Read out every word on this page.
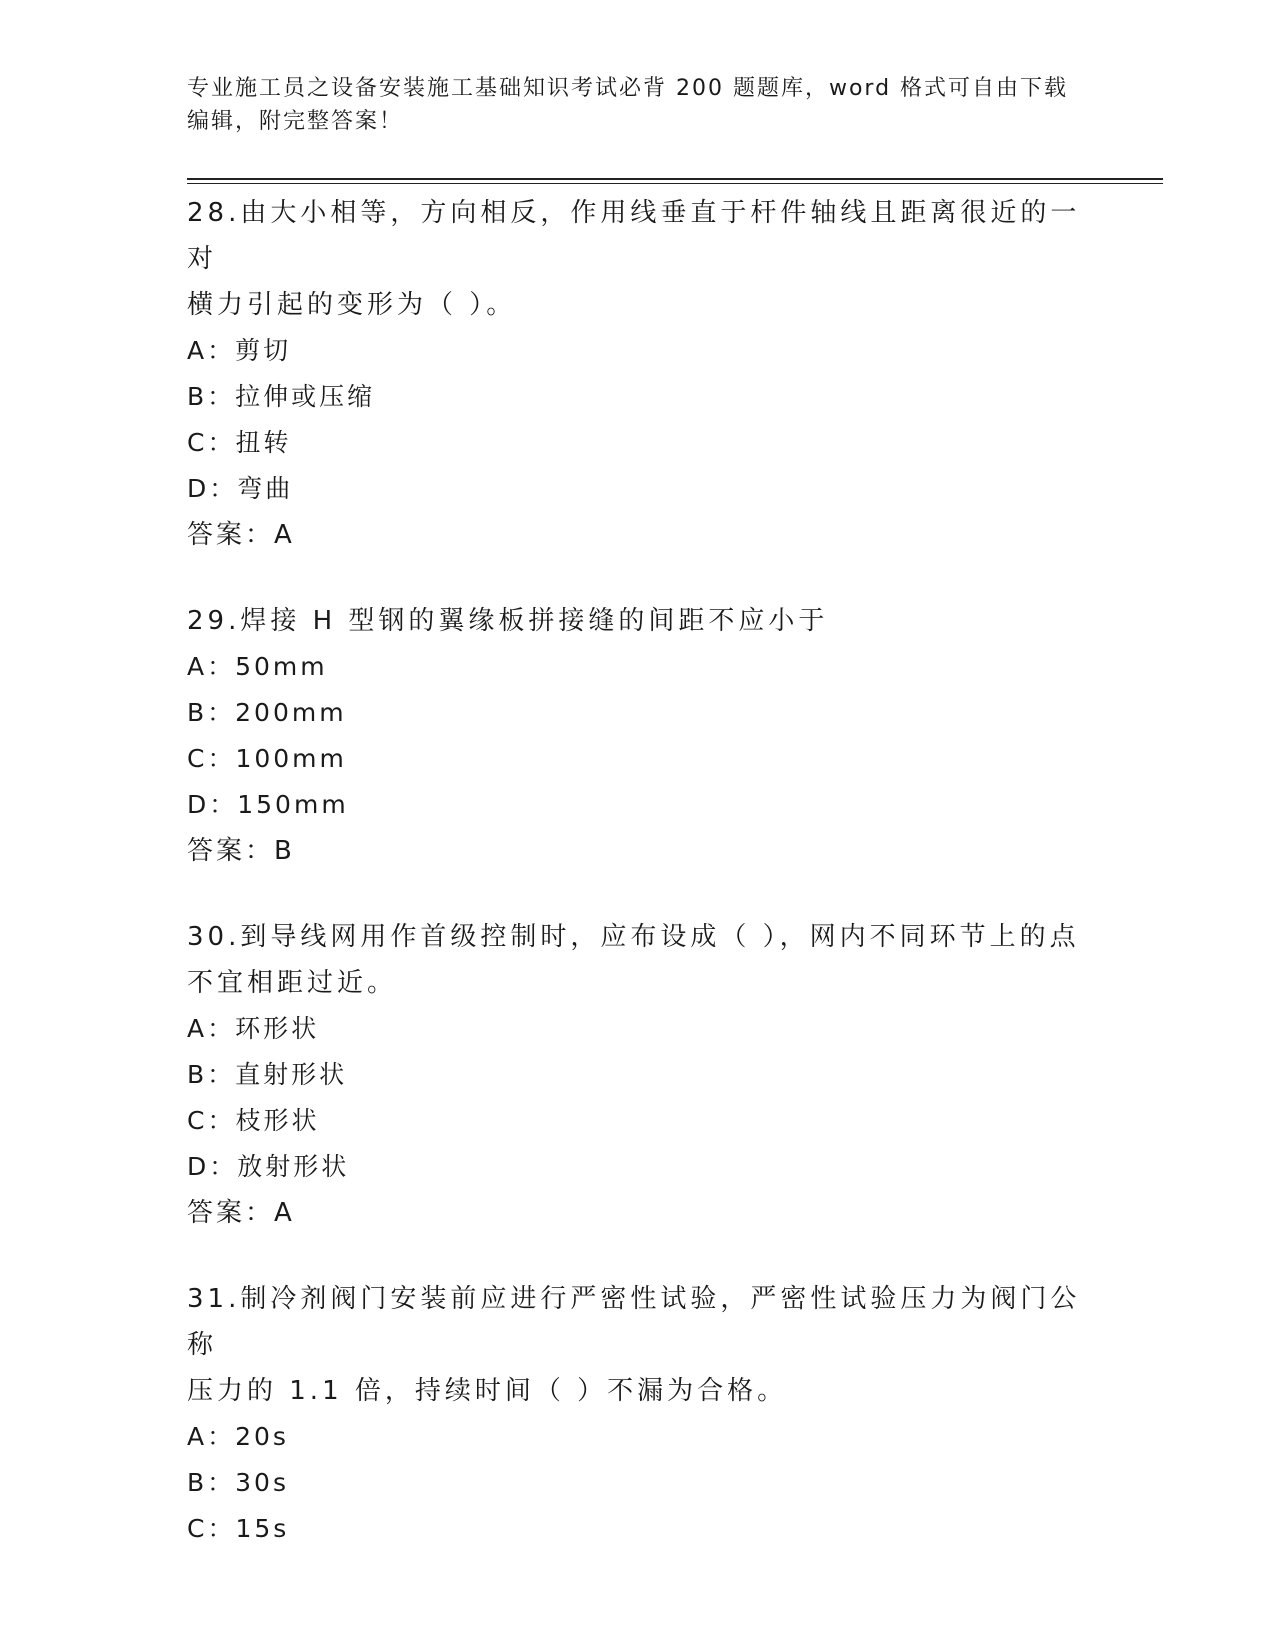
专业施工员之设备安装施工基础知识考试必背 200 题题库，word 格式可自由下载
编辑，附完整答案！

28.由大小相等，方向相反，作用线垂直于杆件轴线且距离很近的一对

横力引起的变形为（ ）。

A：剪切

B：拉伸或压缩

C：扭转

D：弯曲

答案：A

29.焊接 H 型钢的翼缘板拼接缝的间距不应小于

A：50mm

B：200mm

C：100mm

D：150mm

答案：B

30.到导线网用作首级控制时，应布设成（ ），网内不同环节上的点

不宜相距过近。

A：环形状

B：直射形状

C：枝形状

D：放射形状

答案：A

31.制冷剂阀门安装前应进行严密性试验，严密性试验压力为阀门公称

压力的 1.1 倍，持续时间（ ）不漏为合格。

A：20s

B：30s

C：15s
